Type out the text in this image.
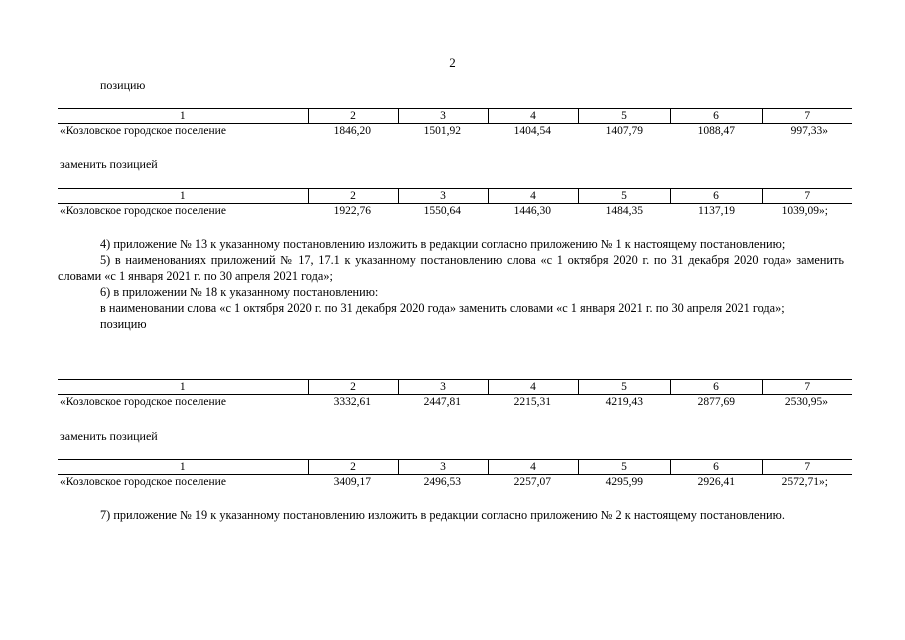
2
позицию
1	2	3	4	5	6	7
«Козловское городское поселение	1846,20	1501,92	1404,54	1407,79	1088,47	997,33»
заменить позицией
1	2	3	4	5	6	7
«Козловское городское поселение	1922,76	1550,64	1446,30	1484,35	1137,19	1039,09»;

4) приложение № 13 к указанному постановлению изложить в редакции согласно приложению № 1 к настоящему постановлению;

5) в наименованиях приложений № 17, 17.1 к указанному постановлению слова «с 1 октября 2020 г. по 31 декабря 2020 года» заменить словами «с 1 января 2021 г. по 30 апреля 2021 года»;

6) в приложении № 18 к указанному постановлению:

в наименовании слова «с 1 октября 2020 г. по 31 декабря 2020 года» заменить словами «с 1 января 2021 г. по 30 апреля 2021 года»;

позицию

1	2	3	4	5	6	7
«Козловское городское поселение	3332,61	2447,81	2215,31	4219,43	2877,69	2530,95»
заменить позицией
1	2	3	4	5	6	7
«Козловское городское поселение	3409,17	2496,53	2257,07	4295,99	2926,41	2572,71»;

7) приложение № 19 к указанному постановлению изложить в редакции согласно приложению № 2 к настоящему постановлению.
